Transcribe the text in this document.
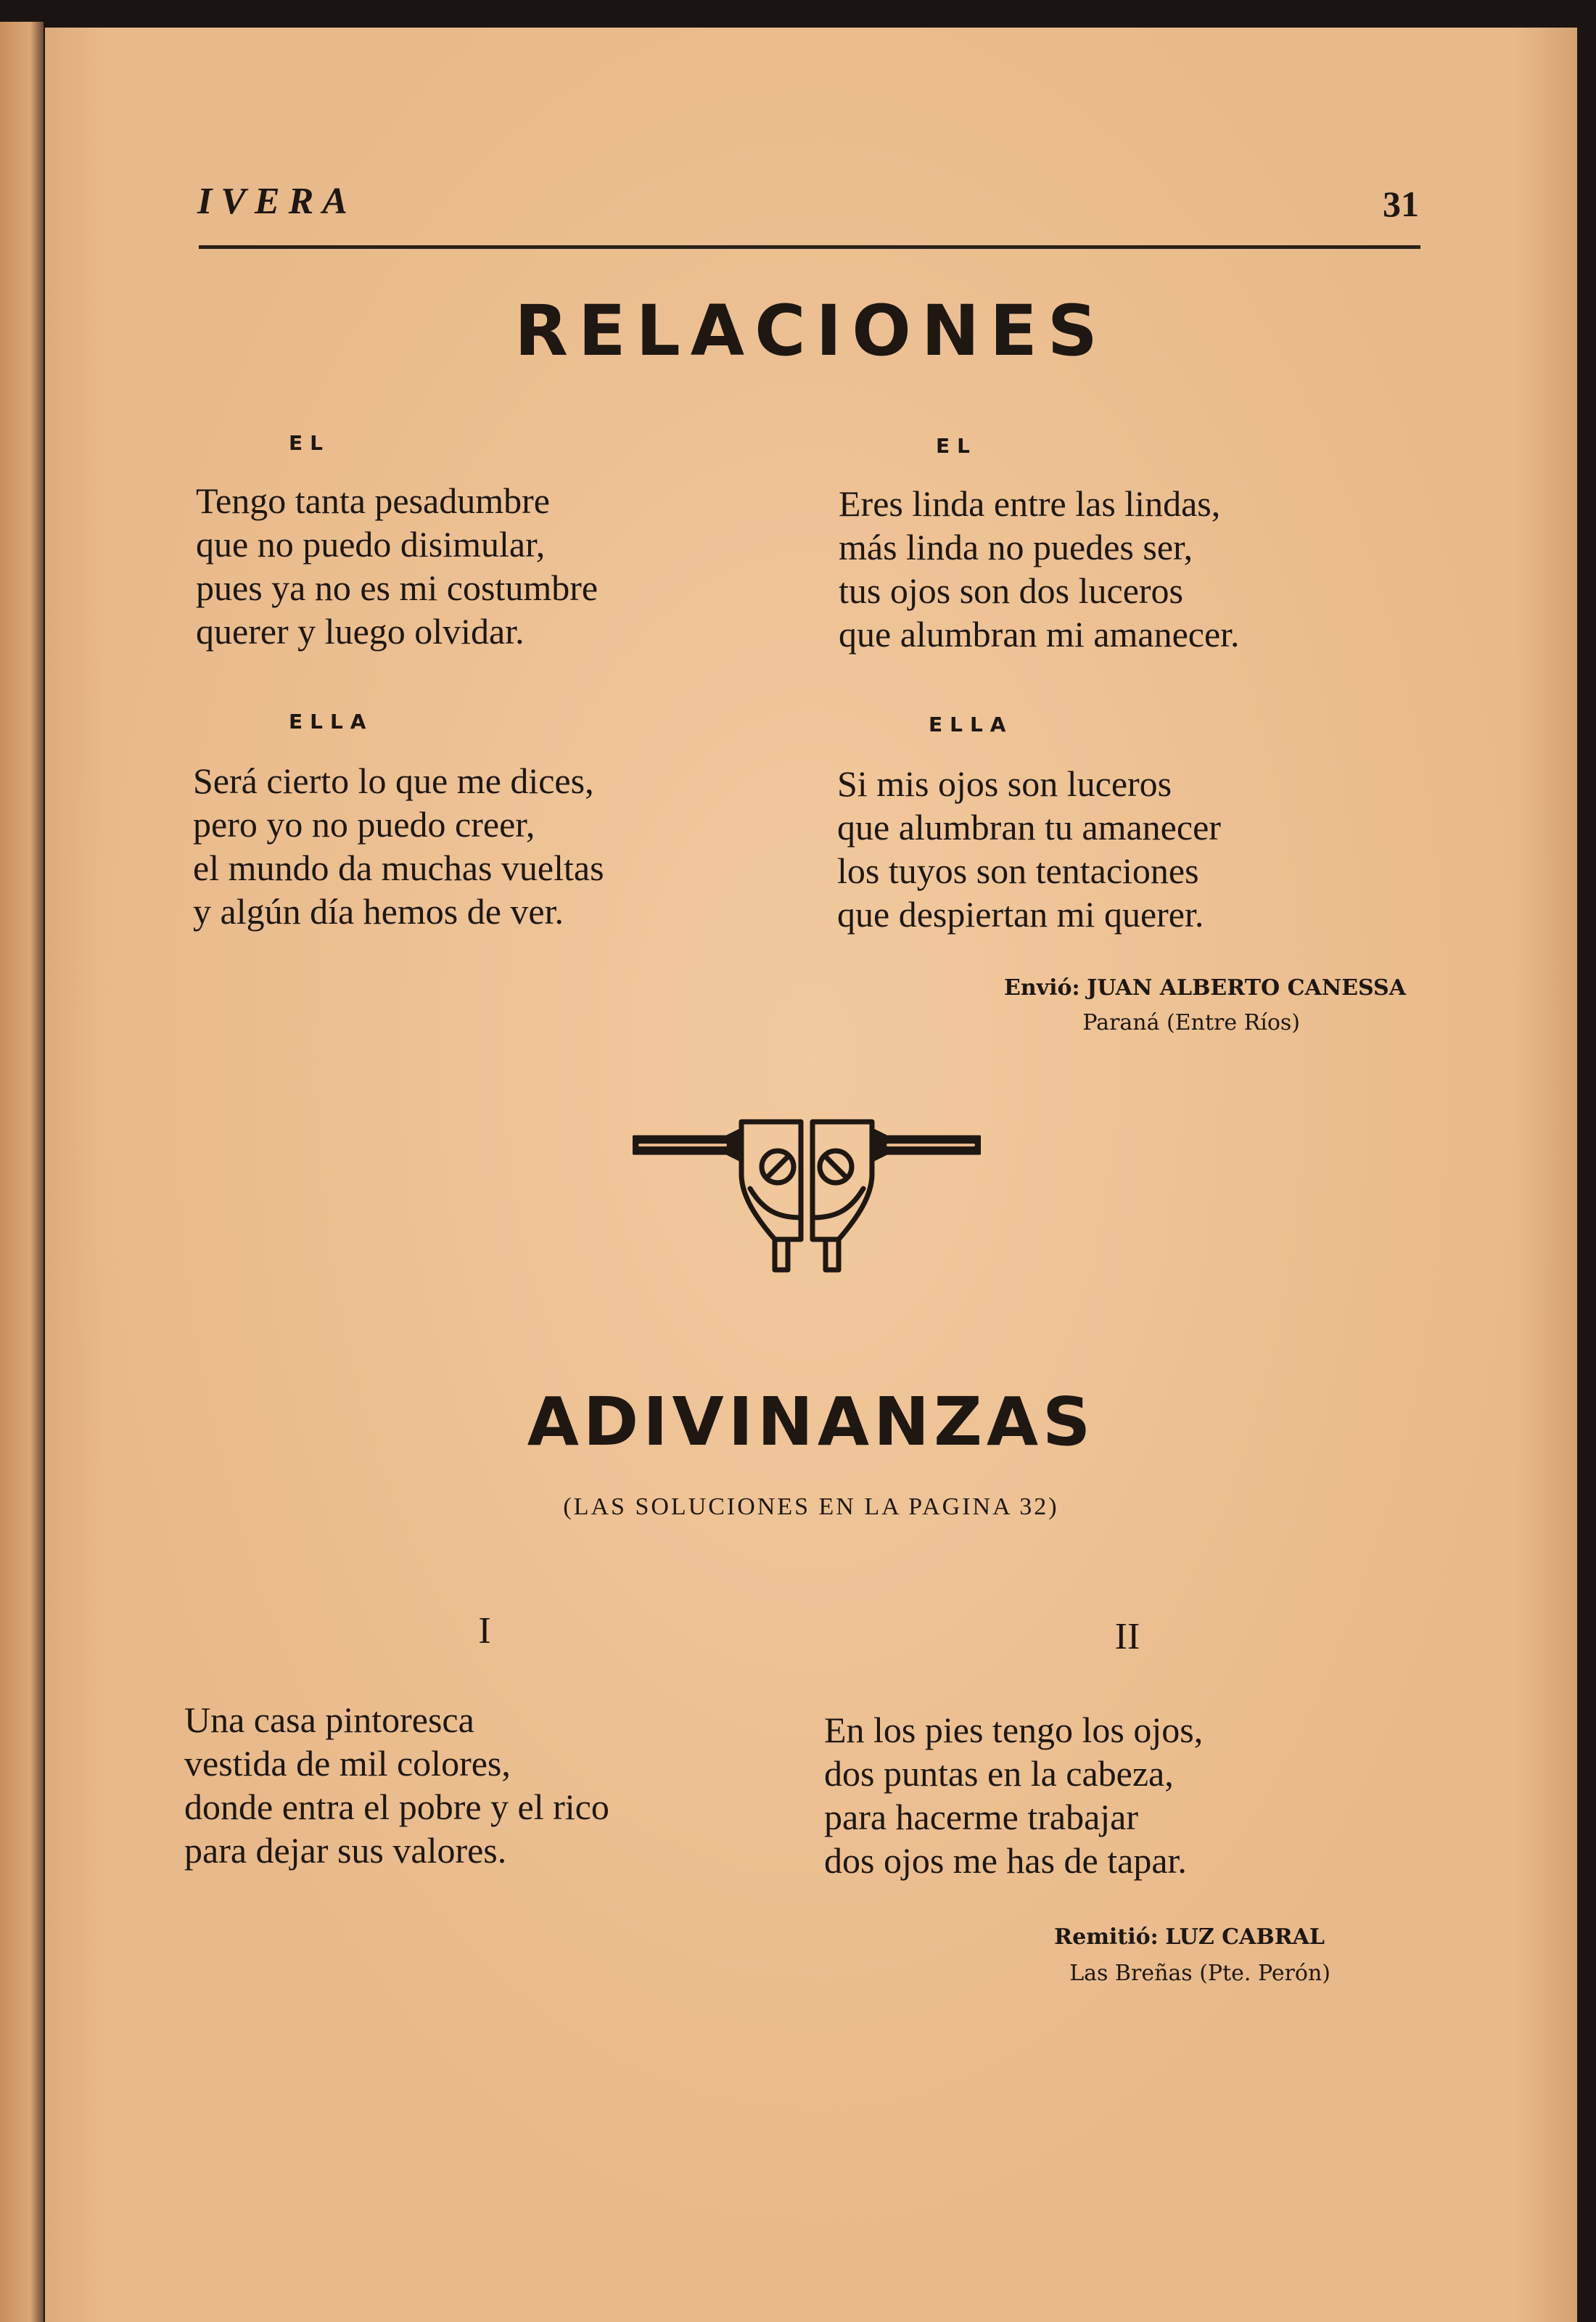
IVERA	31
RELACIONES
EL
Tengo tanta pesadumbre
que no puedo disimular,
pues ya no es mi costumbre
querer y luego olvidar.
EL
Eres linda entre las lindas,
más linda no puedes ser,
tus ojos son dos luceros
que alumbran mi amanecer.
ELLA
Será cierto lo que me dices,
pero yo no puedo creer,
el mundo da muchas vueltas
y algún día hemos de ver.
ELLA
Si mis ojos son luceros
que alumbran tu amanecer
los tuyos son tentaciones
que despiertan mi querer.
Envió: JUAN ALBERTO CANESSA
Paraná (Entre Ríos)
ADIVINANZAS
(LAS SOLUCIONES EN LA PAGINA 32)
I
Una casa pintoresca
vestida de mil colores,
donde entra el pobre y el rico
para dejar sus valores.
II
En los pies tengo los ojos,
dos puntas en la cabeza,
para hacerme trabajar
dos ojos me has de tapar.
Remitió: LUZ CABRAL
Las Breñas (Pte. Perón)
